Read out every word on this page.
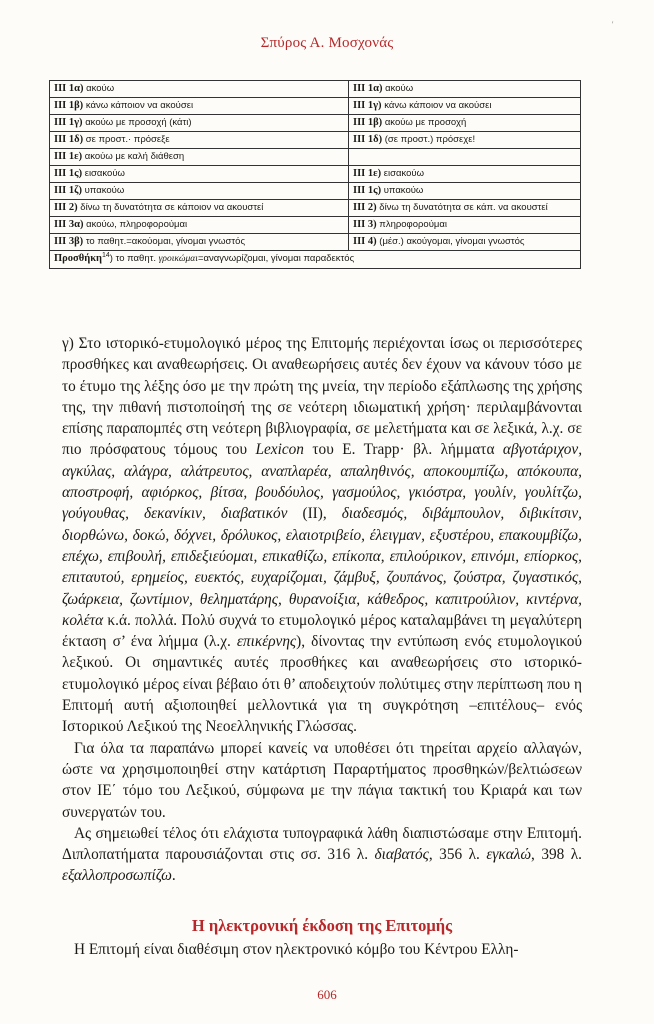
Σπύρος Α. Μοσχονάς
'
ΙΙΙ 1α) ακούω	ΙΙΙ 1α) ακούω
ΙΙΙ 1β) κάνω κάποιον να ακούσει	ΙΙΙ 1γ) κάνω κάποιον να ακούσει
ΙΙΙ 1γ) ακούω με προσοχή (κάτι)	ΙΙΙ 1β) ακούω με προσοχή
ΙΙΙ 1δ) σε προστ.· πρόσεξε	ΙΙΙ 1δ) (σε προστ.) πρόσεχε!
ΙΙΙ 1ε) ακούω με καλή διάθεση	
ΙΙΙ 1ς) εισακούω	ΙΙΙ 1ε) εισακούω
ΙΙΙ 1ζ) υπακούω	ΙΙΙ 1ς) υπακούω
ΙΙΙ 2) δίνω τη δυνατότητα σε κάποιον να ακουστεί	ΙΙΙ 2) δίνω τη δυνατότητα σε κάπ. να ακουστεί
ΙΙΙ 3α) ακούω, πληροφορούμαι	ΙΙΙ 3) πληροφορούμαι
ΙΙΙ 3β) το παθητ.=ακούομαι, γίνομαι γνωστός	ΙΙΙ 4) (μέσ.) ακούγομαι, γίνομαι γνωστός
Προσθήκη$^{14}$) το παθητ. γροικώμαι=αναγνωρίζομαι, γίνομαι παραδεκτός	

γ) Στο ιστορικό-ετυμολογικό μέρος της Επιτομής περιέχονται ίσως οι περισσότερες προσθήκες και αναθεωρήσεις. Οι αναθεωρήσεις αυτές δεν έχουν να κάνουν τόσο με το έτυμο της λέξης όσο με την πρώτη της μνεία, την περίοδο εξάπλωσης της χρήσης της, την πιθανή πιστοποίησή της σε νεότερη ιδιωματική χρήση· περιλαμβάνονται επίσης παραπομπές στη νεότερη βιβλιογραφία, σε μελετήματα και σε λεξικά, λ.χ. σε πιο πρόσφατους τόμους του Lexicon του E. Trapp· βλ. λήμματα αβγοτάριχον, αγκύλας, αλάγρα, αλάτρευτος, αναπλαρέα, απαληθινός, αποκουμπίζω, απόκουπα, αποστροφή, αφιόρκος, βίτσα, βουδόυλος, γασμούλος, γκιόστρα, γουλίν, γουλίτζω, γούγουθας, δεκανίκιν, διαβατικόν (ΙΙ), διαδεσμός, διβάμπουλον, διβικίτσιν, διορθώνω, δοκώ, δόχνει, δρόλυκος, ελαιοτριβείο, έλειγμαν, εξυστέρου, επακουμβίζω, επέχω, επιβουλή, επιδεξιεύομαι, επικαθίζω, επίκοπα, επιλούρικον, επινόμι, επίορκος, επιταυτού, ερημείος, ευεκτός, ευχαρίζομαι, ζάμβυξ, ζουπάνος, ζούστρα, ζυγαστικός, ζωάρκεια, ζωντίμιον, θεληματάρης, θυρανοίξια, κάθεδρος, καπιτρούλιον, κιντέρνα, κολέτα κ.ά. πολλά. Πολύ συχνά το ετυμολογικό μέρος καταλαμβάνει τη μεγαλύτερη έκταση σ’ ένα λήμμα (λ.χ. επικέρνης), δίνοντας την εντύπωση ενός ετυμολογικού λεξικού. Οι σημαντικές αυτές προσθήκες και αναθεωρήσεις στο ιστορικό-ετυμολογικό μέρος είναι βέβαιο ότι θ’ αποδειχτούν πολύτιμες στην περίπτωση που η Επιτομή αυτή αξιοποιηθεί μελλοντικά για τη συγκρότηση –επιτέλους– ενός Ιστορικού Λεξικού της Νεοελληνικής Γλώσσας.

Για όλα τα παραπάνω μπορεί κανείς να υποθέσει ότι τηρείται αρχείο αλλαγών, ώστε να χρησιμοποιηθεί στην κατάρτιση Παραρτήματος προσθηκών/βελτιώσεων στον ΙΕ΄ τόμο του Λεξικού, σύμφωνα με την πάγια τακτική του Κριαρά και των συνεργατών του.

Ας σημειωθεί τέλος ότι ελάχιστα τυπογραφικά λάθη διαπιστώσαμε στην Επιτομή. Διπλοπατήματα παρουσιάζονται στις σσ. 316 λ. διαβατός, 356 λ. εγκαλώ, 398 λ. εξαλλοπροσωπίζω.

Η ηλεκτρονική έκδοση της Επιτομής
Η Επιτομή είναι διαθέσιμη στον ηλεκτρονικό κόμβο του Κέντρου Ελλη-
606
